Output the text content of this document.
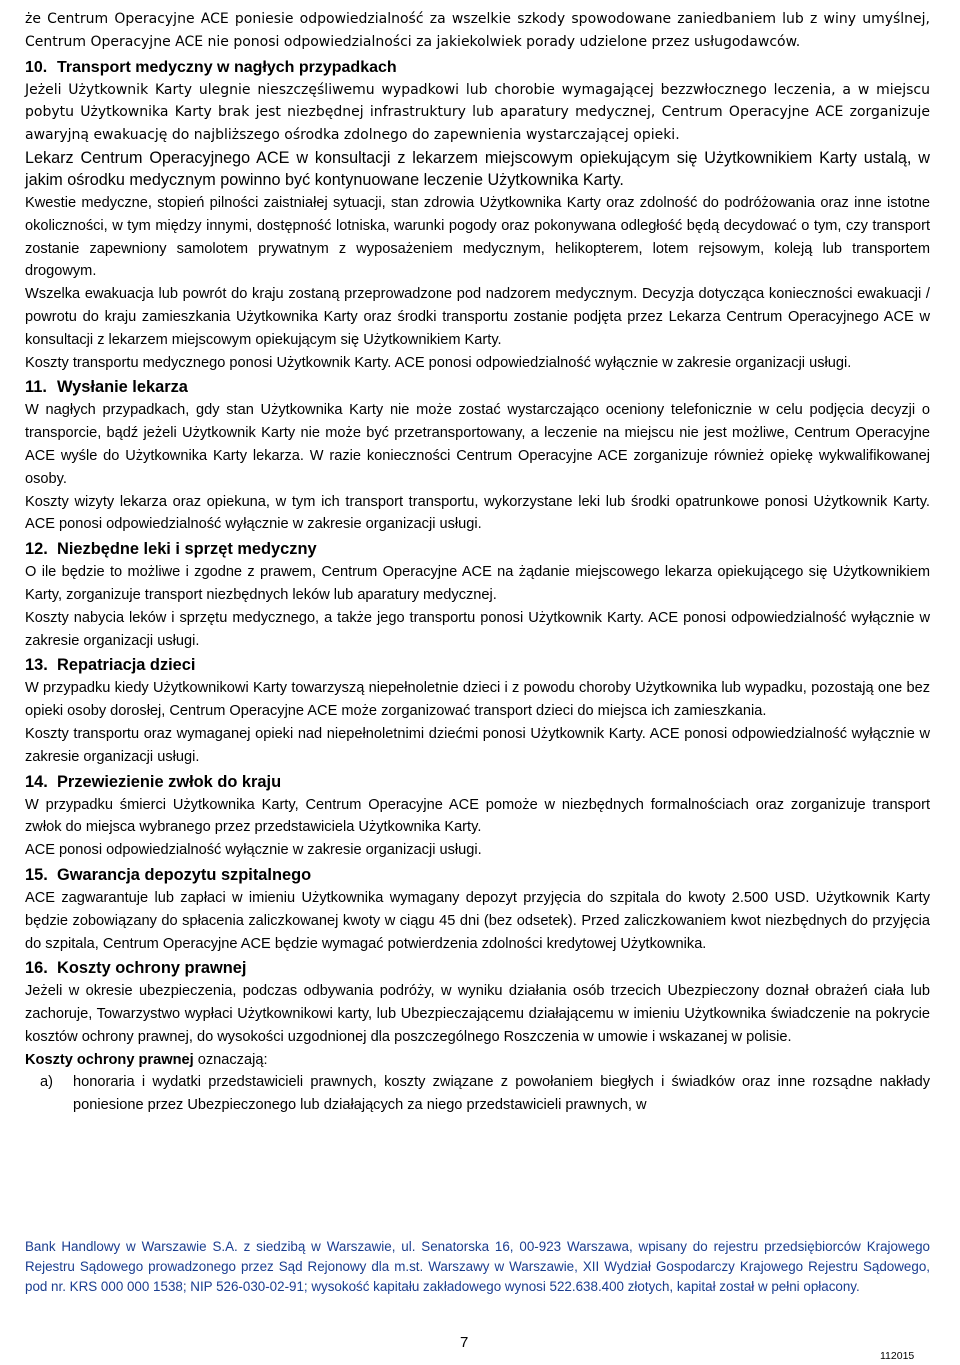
że Centrum Operacyjne ACE poniesie odpowiedzialność za wszelkie szkody spowodowane zaniedbaniem lub z winy umyślnej, Centrum Operacyjne ACE nie ponosi odpowiedzialności za jakiekolwiek porady udzielone przez usługodawców.

10. Transport medyczny w nagłych przypadkach

Jeżeli Użytkownik Karty ulegnie nieszczęśliwemu wypadkowi lub chorobie wymagającej bezzwłocznego leczenia, a w miejscu pobytu Użytkownika Karty brak jest niezbędnej infrastruktury lub aparatury medycznej, Centrum Operacyjne ACE zorganizuje awaryjną ewakuację do najbliższego ośrodka zdolnego do zapewnienia wystarczającej opieki.

Lekarz Centrum Operacyjnego ACE w konsultacji z lekarzem miejscowym opiekującym się Użytkownikiem Karty ustalą, w jakim ośrodku medycznym powinno być kontynuowane leczenie Użytkownika Karty.

Kwestie medyczne, stopień pilności zaistniałej sytuacji, stan zdrowia Użytkownika Karty oraz zdolność do podróżowania oraz inne istotne okoliczności, w tym między innymi, dostępność lotniska, warunki pogody oraz pokonywana odległość będą decydować o tym, czy transport zostanie zapewniony samolotem prywatnym z wyposażeniem medycznym, helikopterem, lotem rejsowym, koleją lub transportem drogowym.

Wszelka ewakuacja lub powrót do kraju zostaną przeprowadzone pod nadzorem medycznym. Decyzja dotycząca konieczności ewakuacji / powrotu do kraju zamieszkania Użytkownika Karty oraz środki transportu zostanie podjęta przez Lekarza Centrum Operacyjnego ACE w konsultacji z lekarzem miejscowym opiekującym się Użytkownikiem Karty.

Koszty transportu medycznego ponosi Użytkownik Karty. ACE ponosi odpowiedzialność wyłącznie w zakresie organizacji usługi.

11. Wysłanie lekarza

W nagłych przypadkach, gdy stan Użytkownika Karty nie może zostać wystarczająco oceniony telefonicznie w celu podjęcia decyzji o transporcie, bądź jeżeli Użytkownik Karty nie może być przetransportowany, a leczenie na miejscu nie jest możliwe, Centrum Operacyjne ACE wyśle do Użytkownika Karty lekarza. W razie konieczności Centrum Operacyjne ACE zorganizuje również opiekę wykwalifikowanej osoby.

Koszty wizyty lekarza oraz opiekuna, w tym ich transport transportu, wykorzystane leki lub środki opatrunkowe ponosi Użytkownik Karty. ACE ponosi odpowiedzialność wyłącznie w zakresie organizacji usługi.

12. Niezbędne leki i sprzęt medyczny

O ile będzie to możliwe i zgodne z prawem, Centrum Operacyjne ACE na żądanie miejscowego lekarza opiekującego się Użytkownikiem Karty, zorganizuje transport niezbędnych leków lub aparatury medycznej.

Koszty nabycia leków i sprzętu medycznego, a także jego transportu ponosi Użytkownik Karty. ACE ponosi odpowiedzialność wyłącznie w zakresie organizacji usługi.

13. Repatriacja dzieci

W przypadku kiedy Użytkownikowi Karty towarzyszą niepełnoletnie dzieci i z powodu choroby Użytkownika lub wypadku, pozostają one bez opieki osoby dorosłej, Centrum Operacyjne ACE może zorganizować transport dzieci do miejsca ich zamieszkania.

Koszty transportu oraz wymaganej opieki nad niepełnoletnimi dziećmi ponosi Użytkownik Karty. ACE ponosi odpowiedzialność wyłącznie w zakresie organizacji usługi.

14. Przewiezienie zwłok do kraju

W przypadku śmierci Użytkownika Karty, Centrum Operacyjne ACE pomoże w niezbędnych formalnościach oraz zorganizuje transport zwłok do miejsca wybranego przez przedstawiciela Użytkownika Karty.

ACE ponosi odpowiedzialność wyłącznie w zakresie organizacji usługi.

15. Gwarancja depozytu szpitalnego

ACE zagwarantuje lub zapłaci w imieniu Użytkownika wymagany depozyt przyjęcia do szpitala do kwoty 2.500 USD. Użytkownik Karty będzie zobowiązany do spłacenia zaliczkowanej kwoty w ciągu 45 dni (bez odsetek). Przed zaliczkowaniem kwot niezbędnych do przyjęcia do szpitala, Centrum Operacyjne ACE będzie wymagać potwierdzenia zdolności kredytowej Użytkownika.

16. Koszty ochrony prawnej

Jeżeli w okresie ubezpieczenia, podczas odbywania podróży, w wyniku działania osób trzecich Ubezpieczony doznał obrażeń ciała lub zachoruje, Towarzystwo wypłaci Użytkownikowi karty, lub Ubezpieczającemu działającemu w imieniu Użytkownika świadczenie na pokrycie kosztów ochrony prawnej, do wysokości uzgodnionej dla poszczególnego Roszczenia w umowie i wskazanej w polisie.

Koszty ochrony prawnej oznaczają:

a)	honoraria i wydatki przedstawicieli prawnych, koszty związane z powołaniem biegłych i świadków oraz inne rozsądne nakłady poniesione przez Ubezpieczonego lub działających za niego przedstawicieli prawnych, w
Bank Handlowy w Warszawie S.A. z siedzibą w Warszawie, ul. Senatorska 16, 00-923 Warszawa, wpisany do rejestru przedsiębiorców Krajowego Rejestru Sądowego prowadzonego przez Sąd Rejonowy dla m.st. Warszawy w Warszawie, XII Wydział Gospodarczy Krajowego Rejestru Sądowego, pod nr. KRS 000 000 1538; NIP 526-030-02-91; wysokość kapitału zakładowego wynosi 522.638.400 złotych, kapitał został w pełni opłacony.
7
112015
